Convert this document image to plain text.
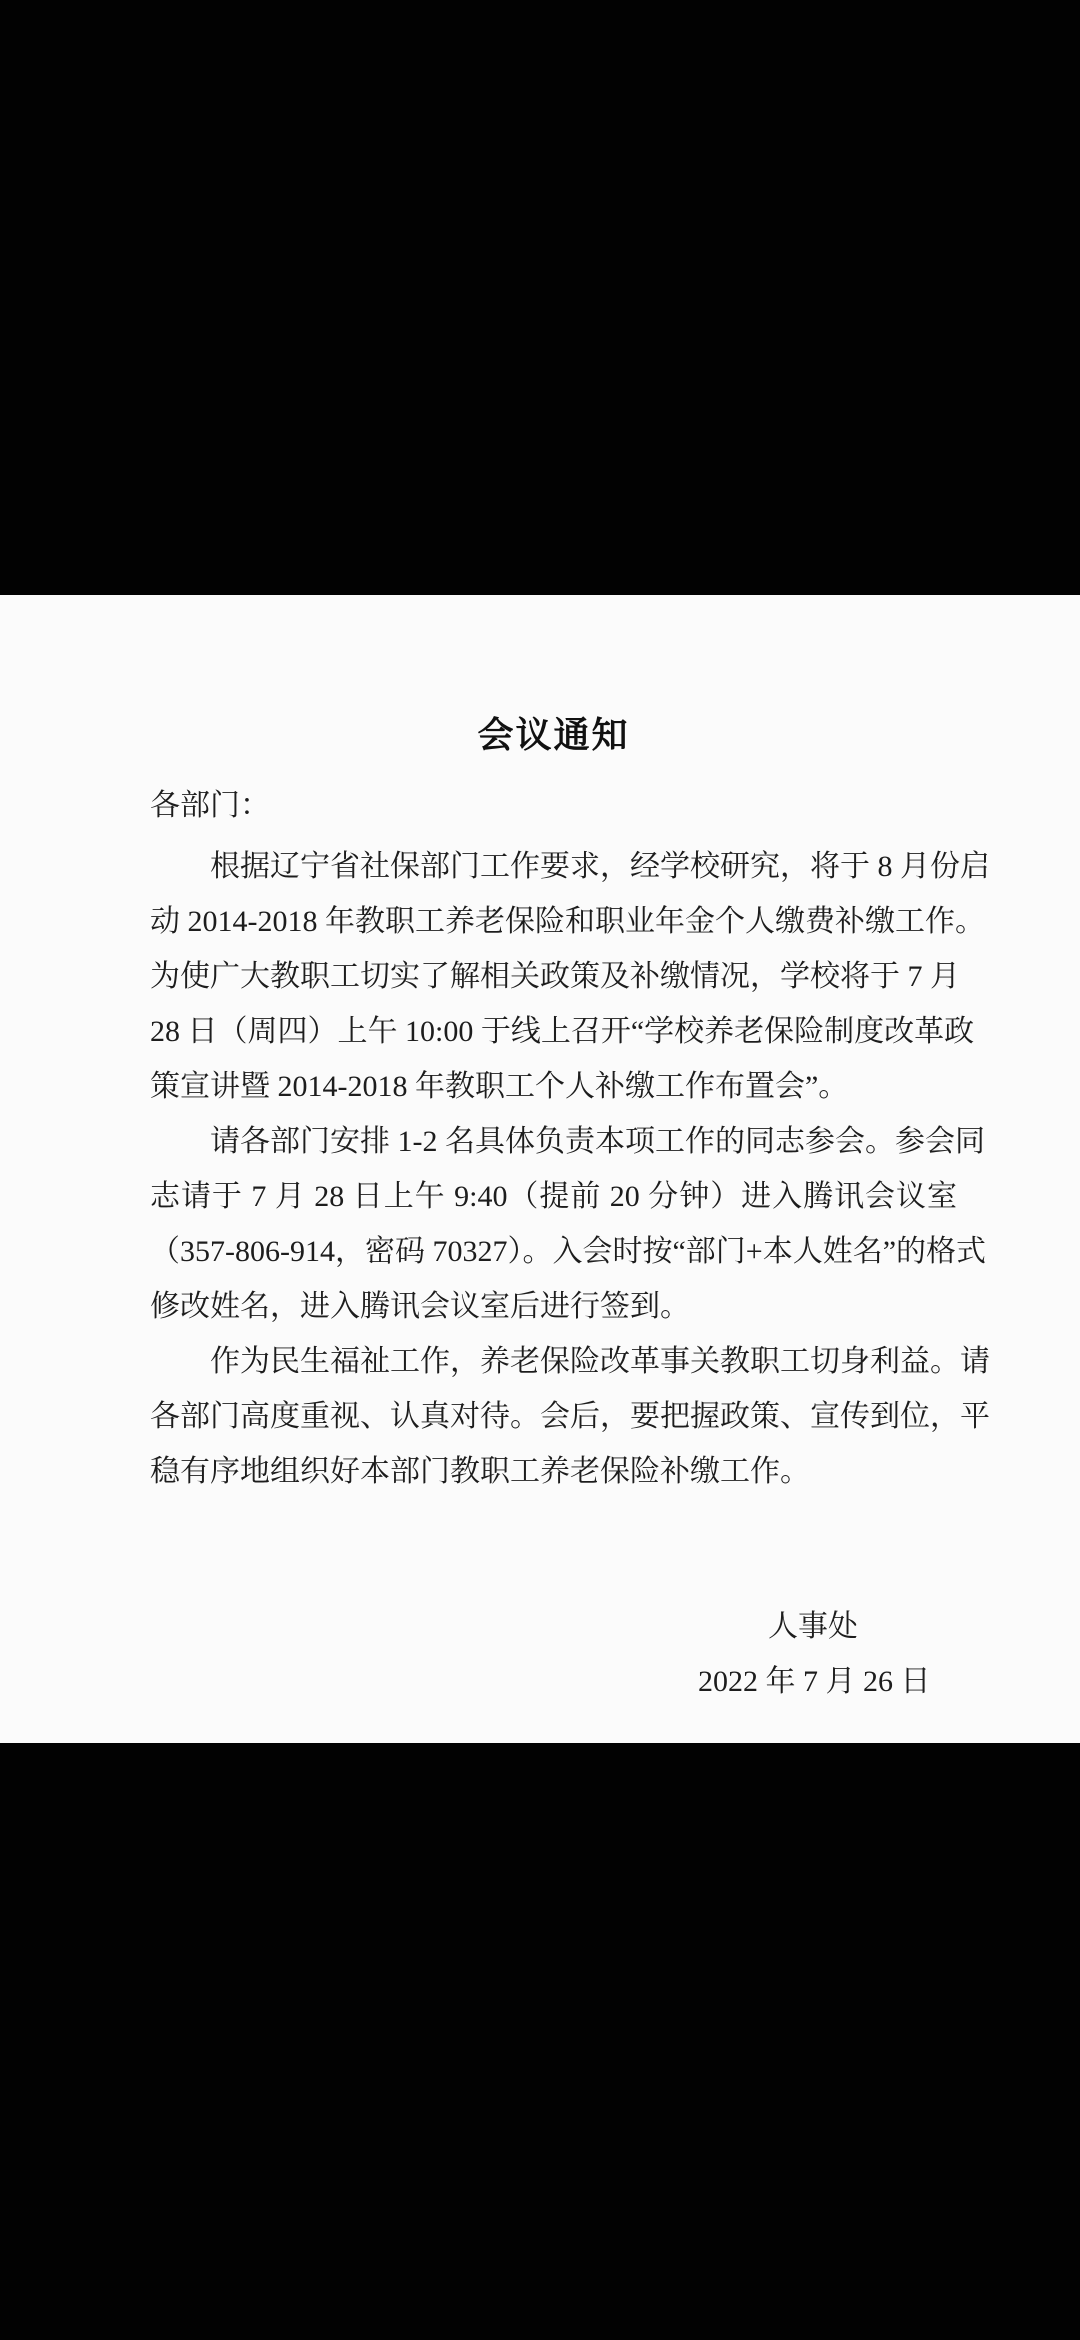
会议通知
各部门：
根据辽宁省社保部门工作要求，经学校研究，将于 8 月份启
动 2014-2018 年教职工养老保险和职业年金个人缴费补缴工作。
为使广大教职工切实了解相关政策及补缴情况，学校将于 7 月
28 日（周四）上午 10:00 于线上召开“学校养老保险制度改革政
策宣讲暨 2014-2018 年教职工个人补缴工作布置会”。
请各部门安排 1-2 名具体负责本项工作的同志参会。参会同
志请于 7 月 28 日上午 9:40（提前 20 分钟）进入腾讯会议室
（357-806-914，密码 70327）。入会时按“部门+本人姓名”的格式
修改姓名，进入腾讯会议室后进行签到。
作为民生福祉工作，养老保险改革事关教职工切身利益。请
各部门高度重视、认真对待。会后，要把握政策、宣传到位，平
稳有序地组织好本部门教职工养老保险补缴工作。
人事处
2022 年 7 月 26 日
